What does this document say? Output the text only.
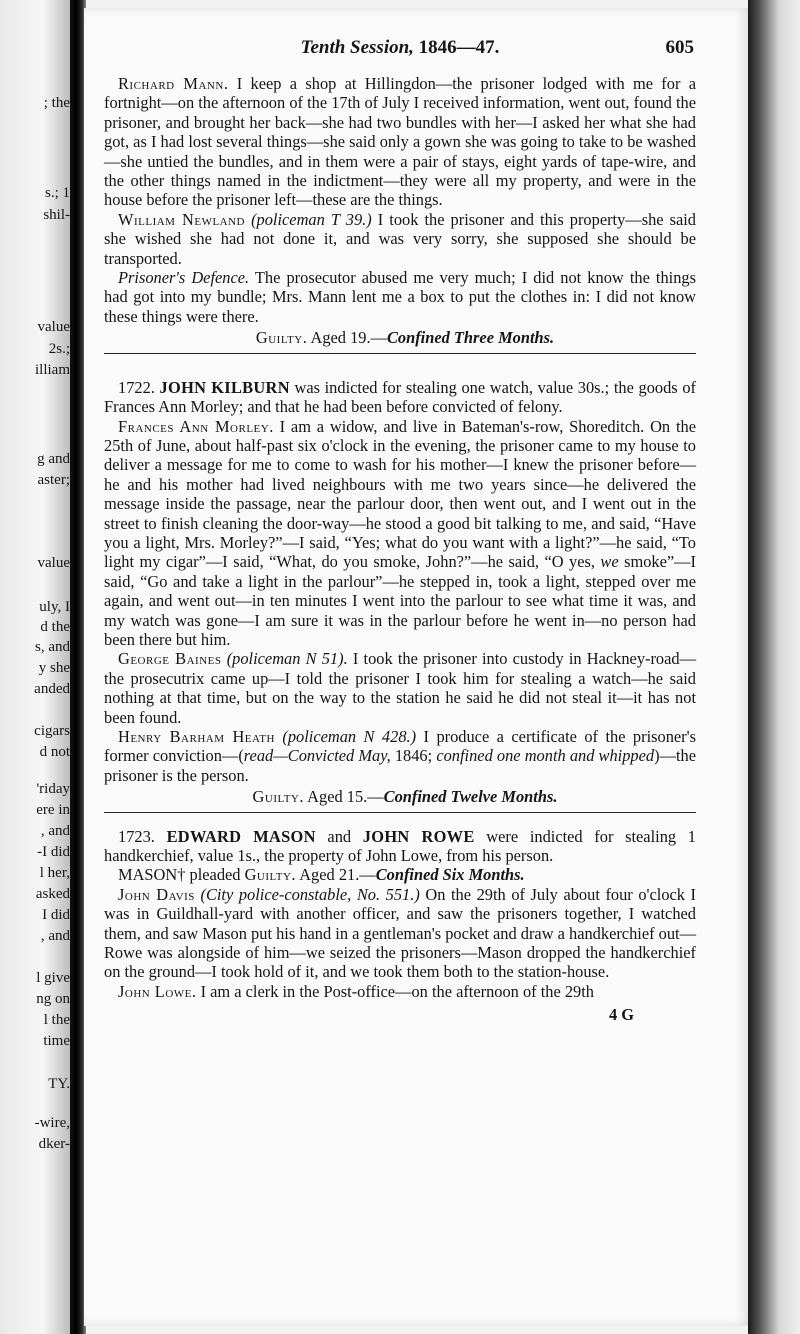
; the
s.; 1
shil-
value
2s.;
illiam
g and
aster;
value
uly, I
d the
s, and
y she
anded
cigars
d not
'riday
ere in
, and
-I did
l her,
asked
I did
, and
l give
ng on
l the
time
TY.
-wire,
dker-
Tenth Session, 1846—47.	605

Richard Mann. I keep a shop at Hillingdon—the prisoner lodged with me for a fortnight—on the afternoon of the 17th of July I received information, went out, found the prisoner, and brought her back—she had two bundles with her—I asked her what she had got, as I had lost several things—she said only a gown she was going to take to be washed—she untied the bundles, and in them were a pair of stays, eight yards of tape-wire, and the other things named in the indictment—they were all my property, and were in the house before the prisoner left—these are the things.

William Newland (policeman T 39.) I took the prisoner and this property—she said she wished she had not done it, and was very sorry, she supposed she should be transported.

Prisoner's Defence. The prosecutor abused me very much; I did not know the things had got into my bundle; Mrs. Mann lent me a box to put the clothes in: I did not know these things were there.

Guilty. Aged 19.—Confined Three Months.

1722. JOHN KILBURN was indicted for stealing one watch, value 30s.; the goods of Frances Ann Morley; and that he had been before convicted of felony.

Frances Ann Morley. I am a widow, and live in Bateman's-row, Shoreditch. On the 25th of June, about half-past six o'clock in the evening, the prisoner came to my house to deliver a message for me to come to wash for his mother—I knew the prisoner before—he and his mother had lived neighbours with me two years since—he delivered the message inside the passage, near the parlour door, then went out, and I went out in the street to finish cleaning the door-way—he stood a good bit talking to me, and said, “Have you a light, Mrs. Morley?”—I said, “Yes; what do you want with a light?”—he said, “To light my cigar”—I said, “What, do you smoke, John?”—he said, “O yes, we smoke”—I said, “Go and take a light in the parlour”—he stepped in, took a light, stepped over me again, and went out—in ten minutes I went into the parlour to see what time it was, and my watch was gone—I am sure it was in the parlour before he went in—no person had been there but him.

George Baines (policeman N 51). I took the prisoner into custody in Hackney-road—the prosecutrix came up—I told the prisoner I took him for stealing a watch—he said nothing at that time, but on the way to the station he said he did not steal it—it has not been found.

Henry Barham Heath (policeman N 428.) I produce a certificate of the prisoner's former conviction—(read—Convicted May, 1846; confined one month and whipped)—the prisoner is the person.

Guilty. Aged 15.—Confined Twelve Months.

1723. EDWARD MASON and JOHN ROWE were indicted for stealing 1 handkerchief, value 1s., the property of John Lowe, from his person.

MASON† pleaded Guilty. Aged 21.—Confined Six Months.

John Davis (City police-constable, No. 551.) On the 29th of July about four o'clock I was in Guildhall-yard with another officer, and saw the prisoners together, I watched them, and saw Mason put his hand in a gentleman's pocket and draw a handkerchief out—Rowe was alongside of him—we seized the prisoners—Mason dropped the handkerchief on the ground—I took hold of it, and we took them both to the station-house.

John Lowe. I am a clerk in the Post-office—on the afternoon of the 29th

4 G
